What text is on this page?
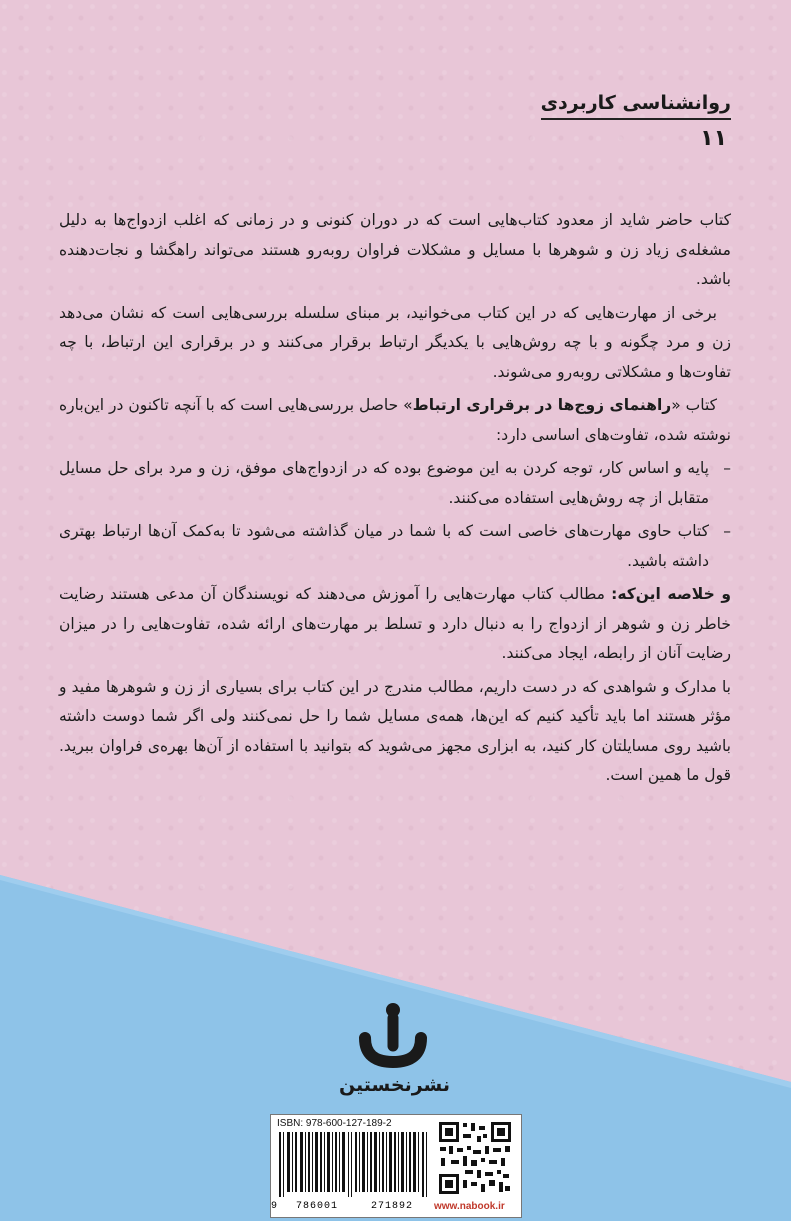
روانشناسی کاربردی
۱۱

کتاب حاضر شاید از معدود کتاب‌هایی است که در دوران کنونی و در زمانی که اغلب ازدواج‌ها به دلیل مشغله‌ی زیاد زن و شوهرها با مسایل و مشکلات فراوان روبه‌رو هستند می‌تواند راهگشا و نجات‌دهنده باشد.

برخی از مهارت‌هایی که در این کتاب می‌خوانید، بر مبنای سلسله بررسی‌هایی است که نشان می‌دهد زن و مرد چگونه و با چه روش‌هایی با یکدیگر ارتباط برقرار می‌کنند و در برقراری این ارتباط، با چه تفاوت‌ها و مشکلاتی روبه‌رو می‌شوند.

کتاب «راهنمای زوج‌ها در برقراری ارتباط» حاصل بررسی‌هایی است که با آنچه تاکنون در این‌باره نوشته شده، تفاوت‌های اساسی دارد:

– پایه و اساس کار، توجه کردن به این موضوع بوده که در ازدواج‌های موفق، زن و مرد برای حل مسایل متقابل از چه روش‌هایی استفاده می‌کنند.

– کتاب حاوی مهارت‌های خاصی است که با شما در میان گذاشته می‌شود تا به‌کمک آن‌ها ارتباط بهتری داشته باشید.

و خلاصه این‌که: مطالب کتاب مهارت‌هایی را آموزش می‌دهند که نویسندگان آن مدعی هستند رضایت خاطر زن و شوهر از ازدواج را به دنبال دارد و تسلط بر مهارت‌های ارائه شده، تفاوت‌هایی را در میزان رضایت آنان از رابطه، ایجاد می‌کنند.

با مدارک و شواهدی که در دست داریم، مطالب مندرج در این کتاب برای بسیاری از زن و شوهرها مفید و مؤثر هستند اما باید تأکید کنیم که این‌ها، همه‌ی مسایل شما را حل نمی‌کنند ولی اگر شما دوست داشته باشید روی مسایلتان کار کنید، به ابزاری مجهز می‌شوید که بتوانید با استفاده از آن‌ها بهره‌ی فراوان ببرید. قول ما همین است.

نشرنخستین
ISBN: 978-600-127-189-2
9 786001	271892 www.nabook.ir
